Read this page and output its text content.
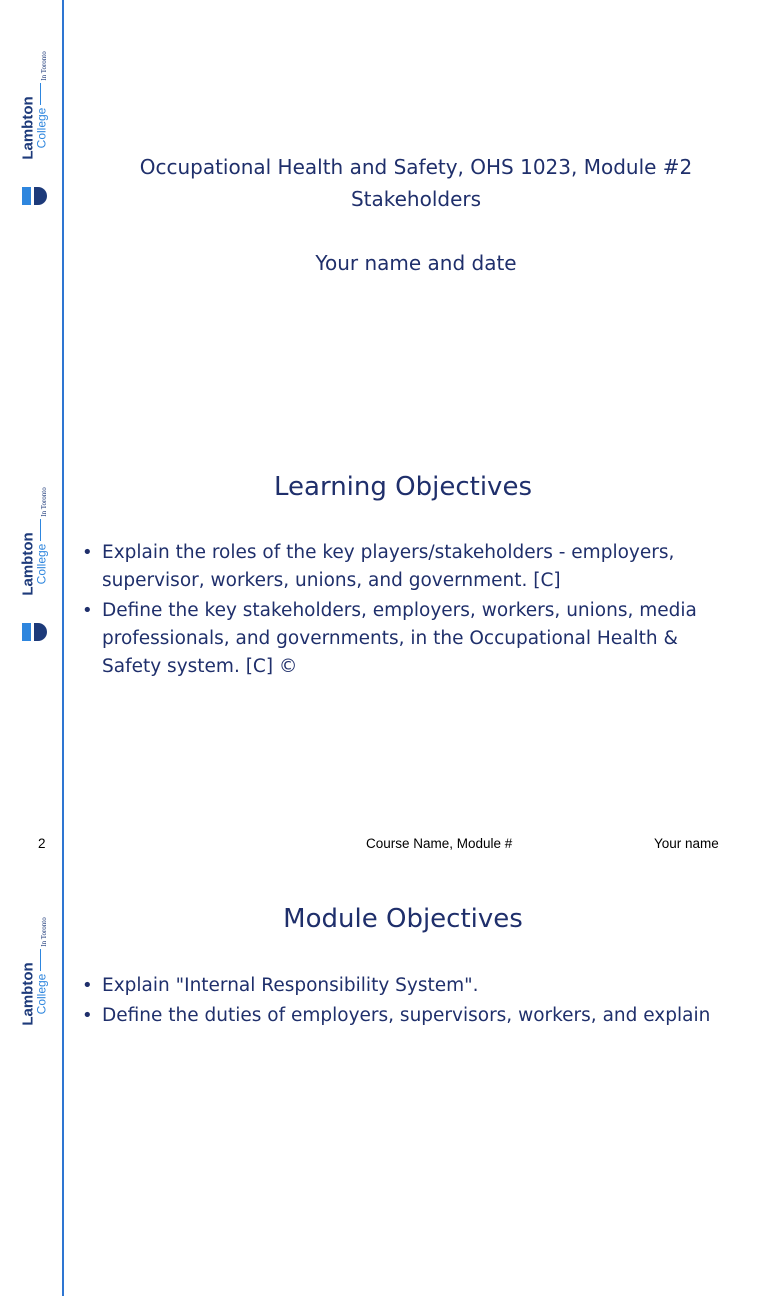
In Toronto
Lambton
College
Occupational Health and Safety, OHS 1023, Module #2
Stakeholders
Your name and date
In Toronto
Lambton
College
Learning Objectives
• Explain the roles of the key players/stakeholders - employers, supervisor, workers, unions, and government. [C]
• Define the key stakeholders, employers, workers, unions, media professionals, and governments, in the Occupational Health & Safety system. [C] ©
2	Course Name, Module #	Your name
In Toronto
Lambton
College
Module Objectives
• Explain "Internal Responsibility System".
• Define the duties of employers, supervisors, workers, and explain
